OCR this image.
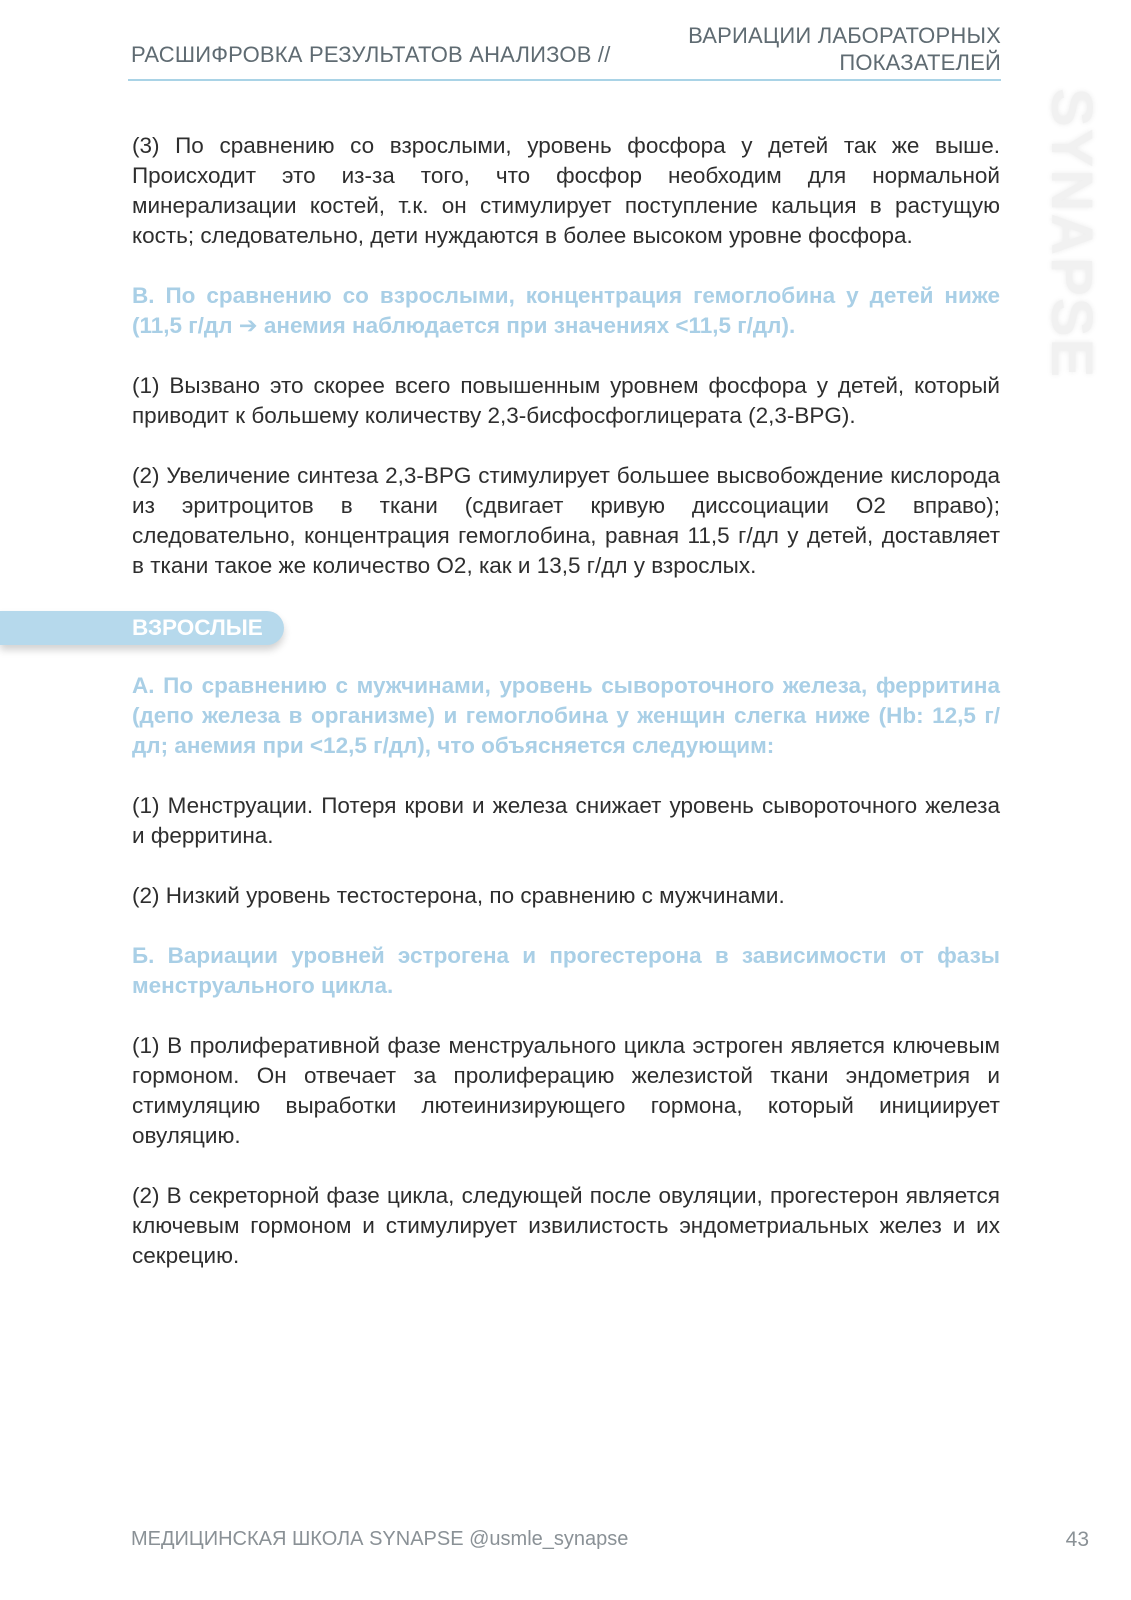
РАСШИФРОВКА РЕЗУЛЬТАТОВ АНАЛИЗОВ //
ВАРИАЦИИ ЛАБОРАТОРНЫХ
ПОКАЗАТЕЛЕЙ
SYNAPSE

(3) По сравнению со взрослыми, уровень фосфора у детей так же выше. Происходит это из-за того, что фосфор необходим для нормальной минерализации костей, т.к. он стимулирует поступление кальция в растущую кость; следовательно, дети нуждаются в более высоком уровне фосфора.

В. По сравнению со взрослыми, концентрация гемоглобина у детей ниже (11,5 г/дл ➔ анемия наблюдается при значениях <11,5 г/дл).

(1) Вызвано это скорее всего повышенным уровнем фосфора у детей, который приводит к большему количеству 2,3-бисфосфоглицерата (2,3-BPG).

(2) Увеличение синтеза 2,3-BPG стимулирует большее высвобождение кислорода из эритроцитов в ткани (сдвигает кривую диссоциации O2 вправо); следовательно, концентрация гемоглобина, равная 11,5 г/дл у детей, доставляет в ткани такое же количество O2, как и 13,5 г/дл у взрослых.

ВЗРОСЛЫЕ

А. По сравнению с мужчинами, уровень сывороточного железа, ферритина (депо железа в организме) и гемоглобина у женщин слегка ниже (Hb: 12,5 г/дл; анемия при <12,5 г/дл), что объясняется следующим:

(1) Менструации. Потеря крови и железа снижает уровень сывороточного железа и ферритина.

(2) Низкий уровень тестостерона, по сравнению с мужчинами.

Б. Вариации уровней эстрогена и прогестерона в зависимости от фазы менструального цикла.

(1) В пролиферативной фазе менструального цикла эстроген является ключевым гормоном. Он отвечает за пролиферацию железистой ткани эндометрия и стимуляцию выработки лютеинизирующего гормона, который инициирует овуляцию.

(2) В секреторной фазе цикла, следующей после овуляции, прогестерон является ключевым гормоном и стимулирует извилистость эндометриальных желез и их секрецию.

МЕДИЦИНСКАЯ ШКОЛА SYNAPSE @usmle_synapse	43
